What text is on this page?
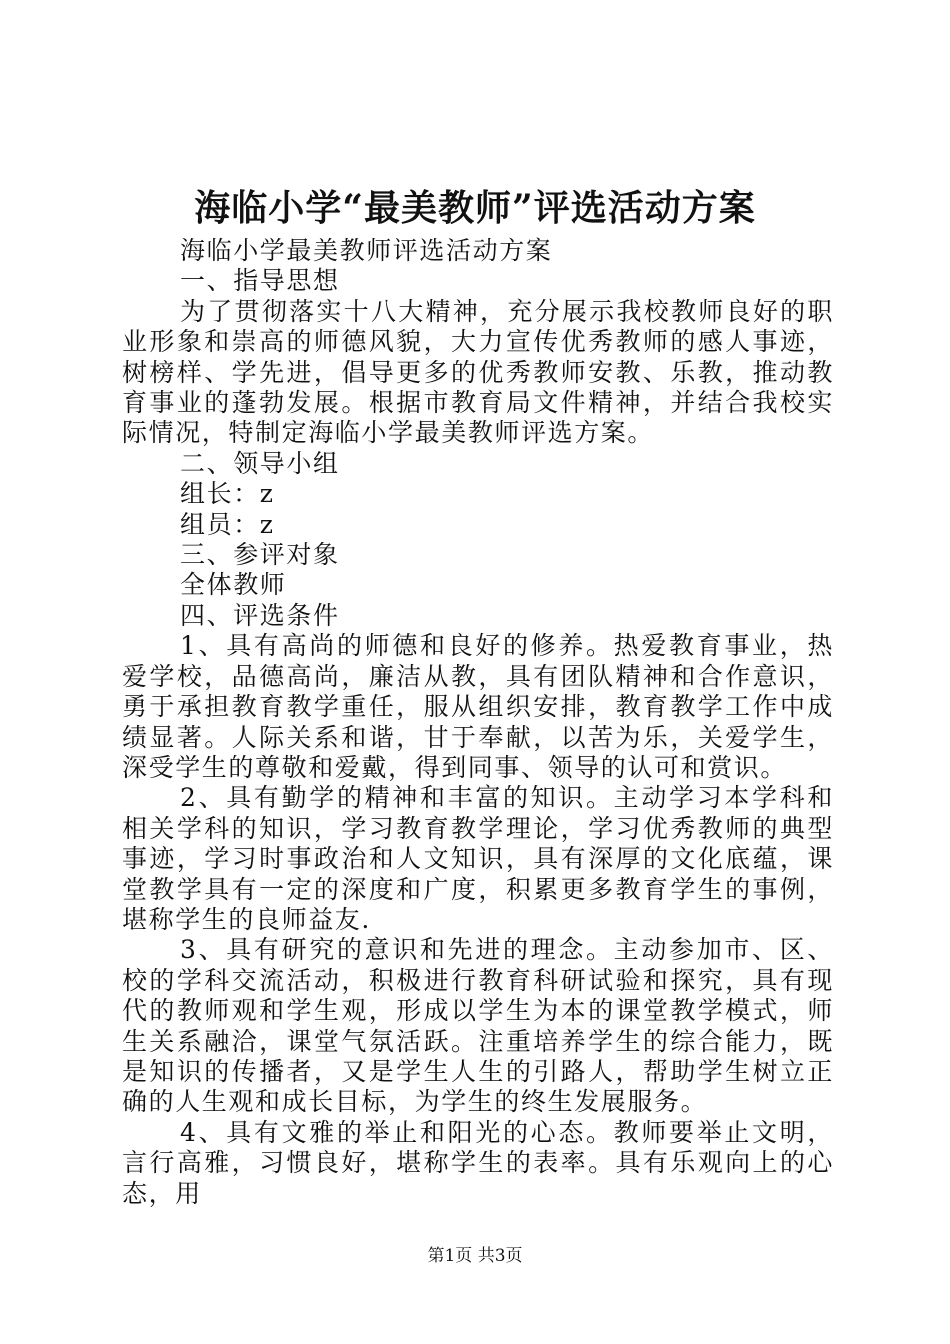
海临小学“最美教师”评选活动方案

海临小学最美教师评选活动方案

一、指导思想

为了贯彻落实十八大精神，充分展示我校教师良好的职业形象和崇高的师德风貌，大力宣传优秀教师的感人事迹，树榜样、学先进，倡导更多的优秀教师安教、乐教，推动教育事业的蓬勃发展。根据市教育局文件精神，并结合我校实际情况，特制定海临小学最美教师评选方案。

二、领导小组

组长：z

组员：z

三、参评对象

全体教师

四、评选条件

1、具有高尚的师德和良好的修养。热爱教育事业，热爱学校，品德高尚，廉洁从教，具有团队精神和合作意识，勇于承担教育教学重任，服从组织安排，教育教学工作中成绩显著。人际关系和谐，甘于奉献，以苦为乐，关爱学生，深受学生的尊敬和爱戴，得到同事、领导的认可和赏识。

2、具有勤学的精神和丰富的知识。主动学习本学科和相关学科的知识，学习教育教学理论，学习优秀教师的典型事迹，学习时事政治和人文知识，具有深厚的文化底蕴，课堂教学具有一定的深度和广度，积累更多教育学生的事例，堪称学生的良师益友.

3、具有研究的意识和先进的理念。主动参加市、区、校的学科交流活动，积极进行教育科研试验和探究，具有现代的教师观和学生观，形成以学生为本的课堂教学模式，师生关系融洽，课堂气氛活跃。注重培养学生的综合能力，既是知识的传播者，又是学生人生的引路人，帮助学生树立正确的人生观和成长目标，为学生的终生发展服务。

4、具有文雅的举止和阳光的心态。教师要举止文明，言行高雅，习惯良好，堪称学生的表率。具有乐观向上的心态，用

第1页 共3页
